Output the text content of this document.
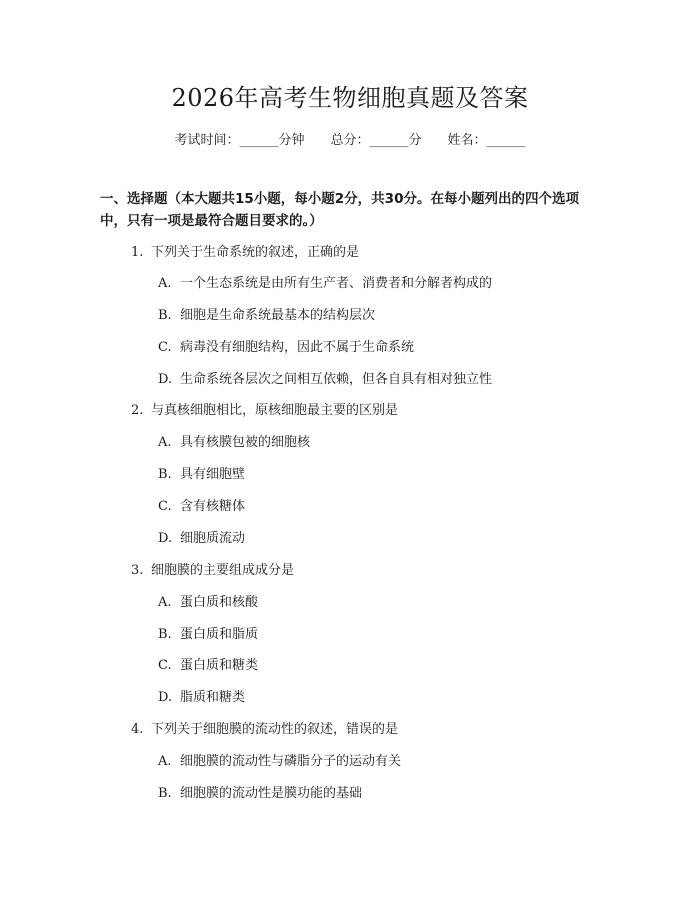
2026年高考生物细胞真题及答案
考试时间：______分钟 总分：______分 姓名：______
一、选择题（本大题共15小题，每小题2分，共30分。在每小题列出的四个选项中，只有一项是最符合题目要求的。）
1. 下列关于生命系统的叙述，正确的是
A. 一个生态系统是由所有生产者、消费者和分解者构成的
B. 细胞是生命系统最基本的结构层次
C. 病毒没有细胞结构，因此不属于生命系统
D. 生命系统各层次之间相互依赖，但各自具有相对独立性
2. 与真核细胞相比，原核细胞最主要的区别是
A. 具有核膜包被的细胞核
B. 具有细胞壁
C. 含有核糖体
D. 细胞质流动
3. 细胞膜的主要组成成分是
A. 蛋白质和核酸
B. 蛋白质和脂质
C. 蛋白质和糖类
D. 脂质和糖类
4. 下列关于细胞膜的流动性的叙述，错误的是
A. 细胞膜的流动性与磷脂分子的运动有关
B. 细胞膜的流动性是膜功能的基础
